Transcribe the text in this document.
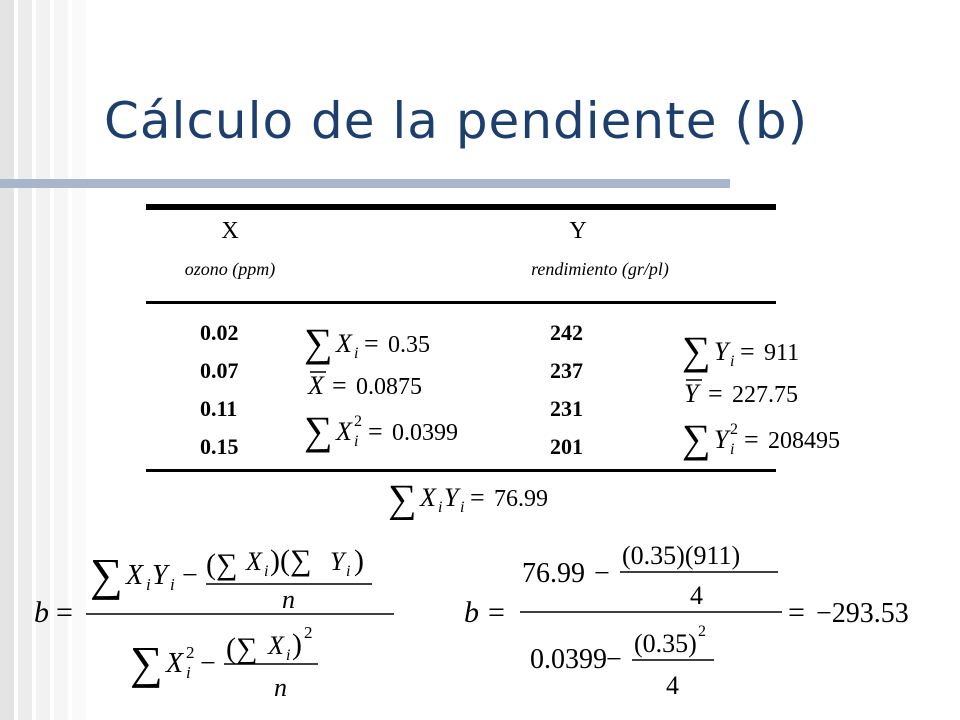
Cálculo de la pendiente (b)
X
ozono (ppm)
Y
rendimiento (gr/pl)
0.02
0.07
0.11
0.15
242
237
231
201
∑ X i = 0.35
X = 0.0875
∑ X i
2 = 0.0399
∑ Y i = 911
Y = 227.75
∑ Y i
2 = 208495
∑ X i Y i = 76.99
b =
∑ X i Y i − (∑ X i )(∑ Y i )
n
∑ X i
2 − (∑ X i ) 2
n
b =
76.99 −
(0.35)(911)
4
0.0399 −
(0.35) 2
4
= −293.53
